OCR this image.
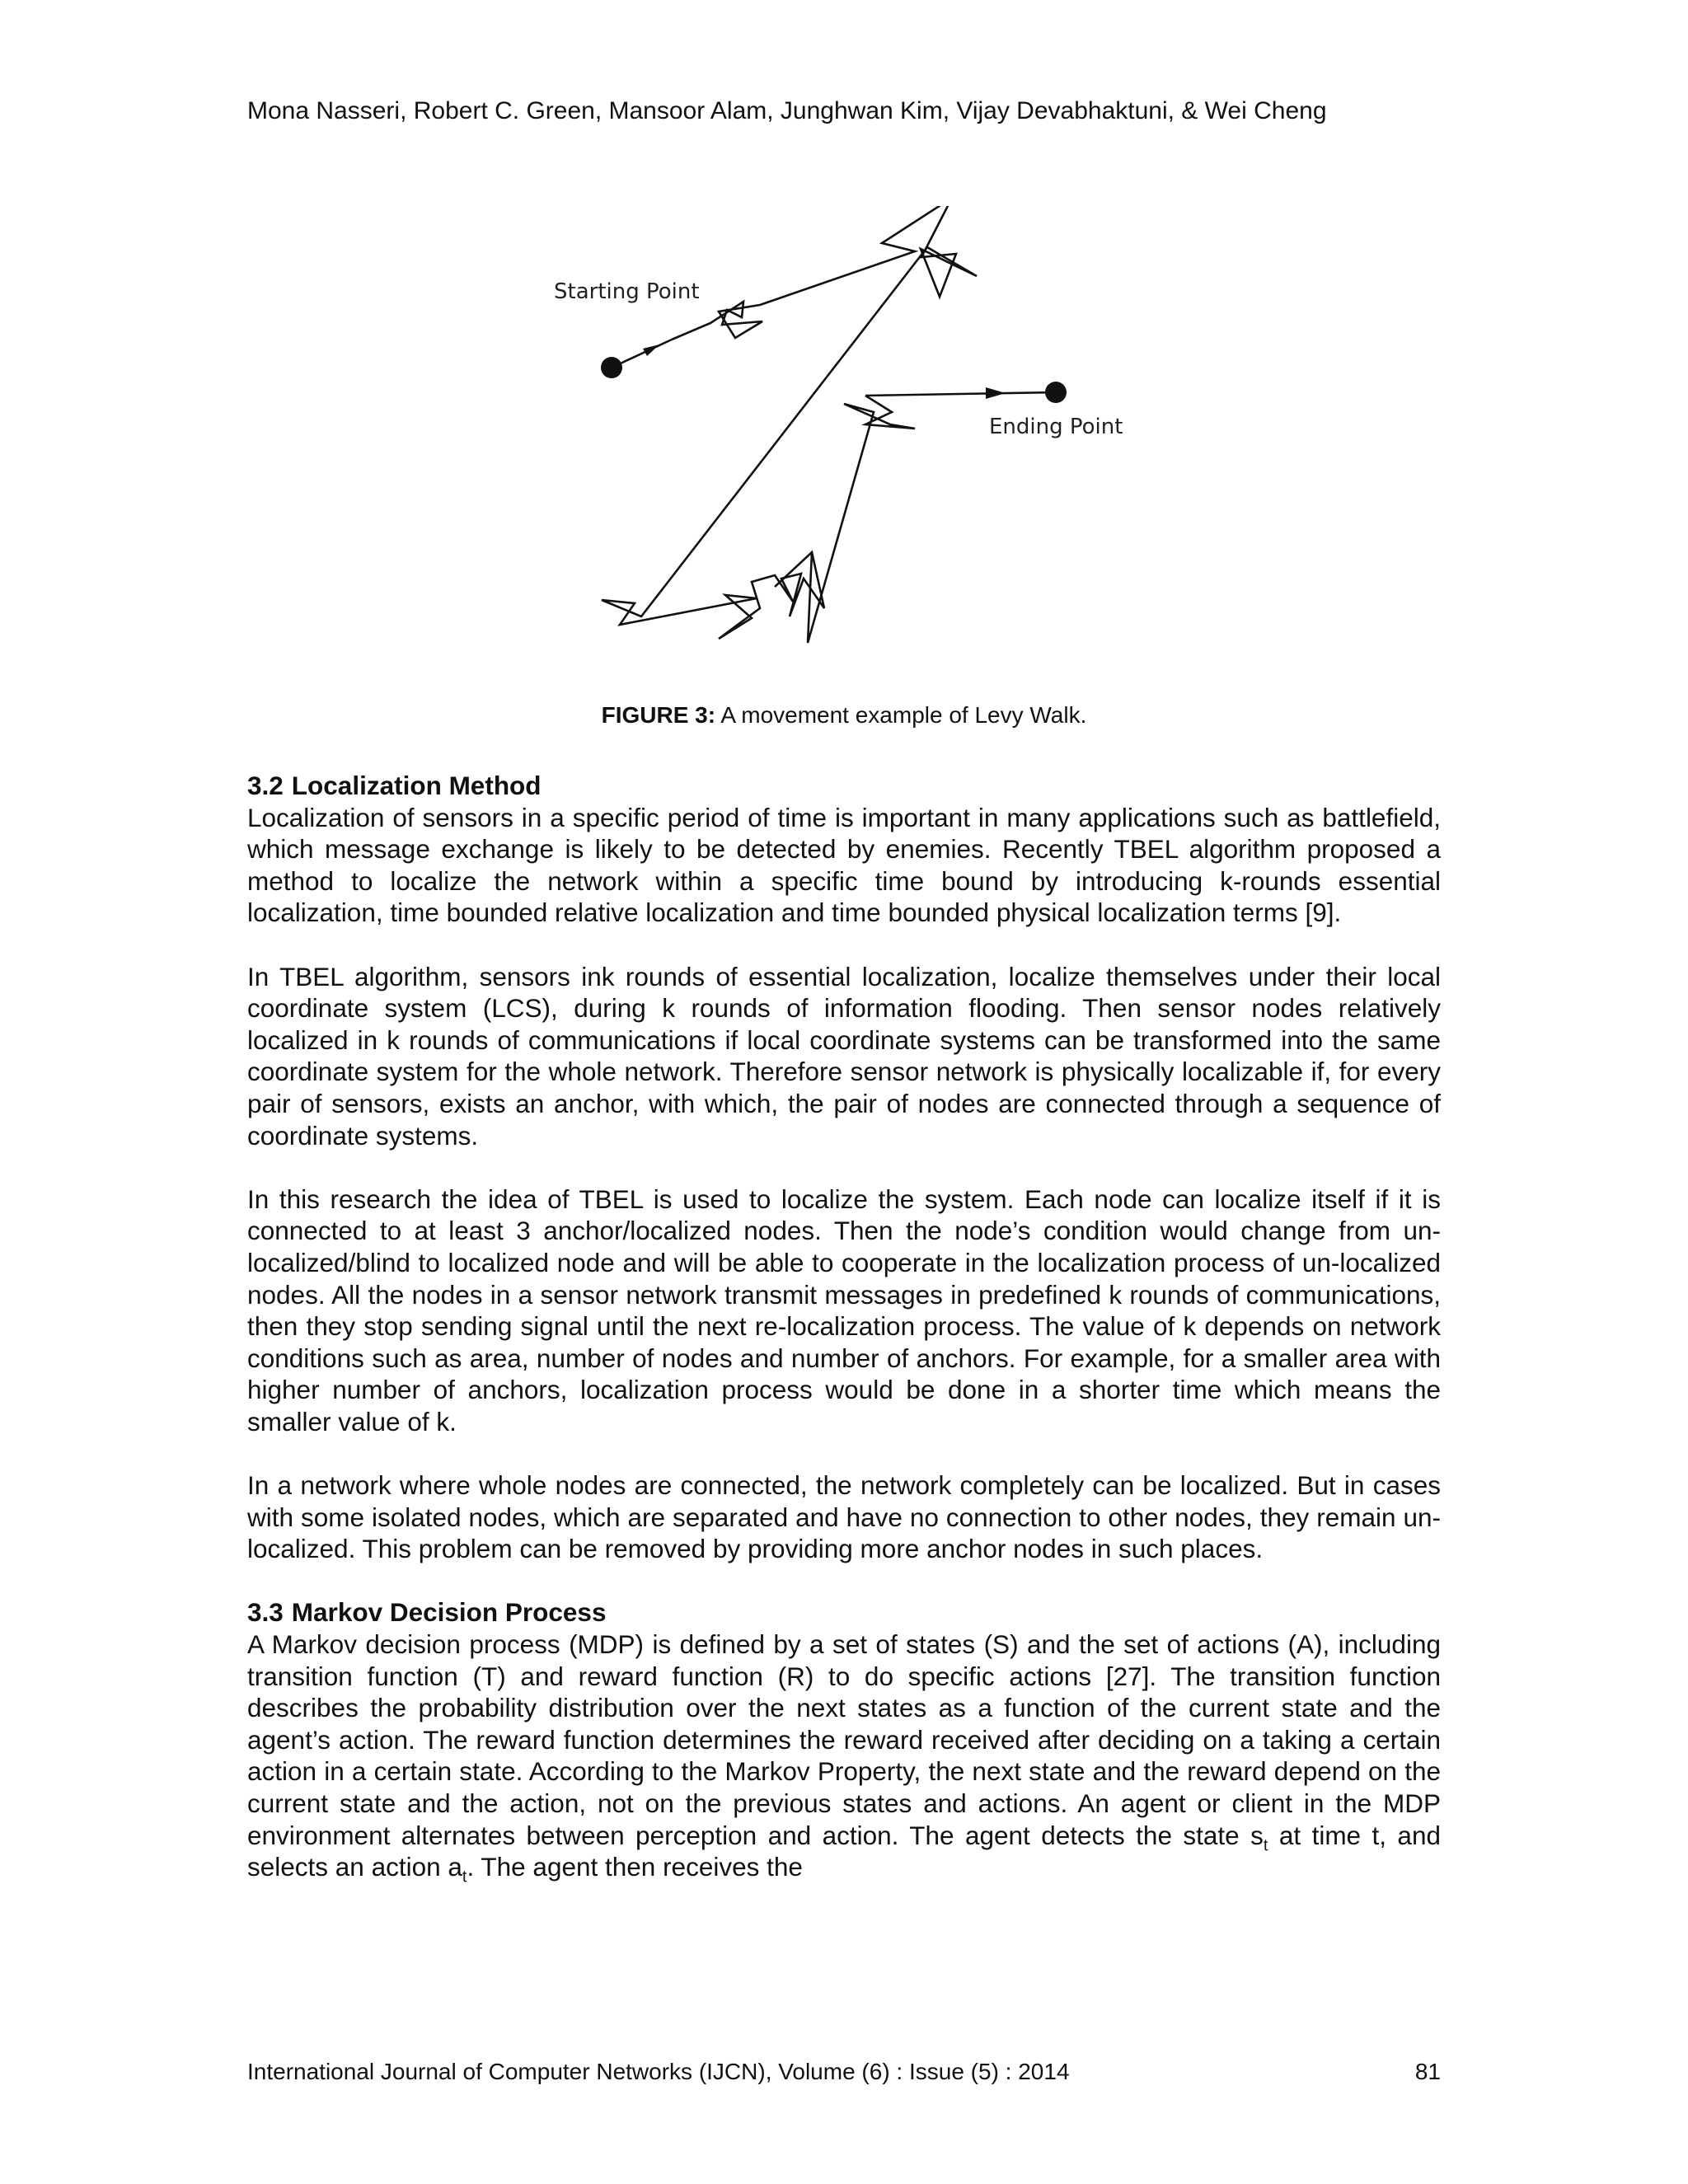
Mona Nasseri, Robert C. Green, Mansoor Alam, Junghwan Kim, Vijay Devabhaktuni, & Wei Cheng
Starting Point
Ending Point
FIGURE 3: A movement example of Levy Walk.
3.2 Localization Method

Localization of sensors in a specific period of time is important in many applications such as battlefield, which message exchange is likely to be detected by enemies. Recently TBEL algorithm proposed a method to localize the network within a specific time bound by introducing k-rounds essential localization, time bounded relative localization and time bounded physical localization terms [9].

In TBEL algorithm, sensors ink rounds of essential localization, localize themselves under their local coordinate system (LCS), during k rounds of information flooding. Then sensor nodes relatively localized in k rounds of communications if local coordinate systems can be transformed into the same coordinate system for the whole network. Therefore sensor network is physically localizable if, for every pair of sensors, exists an anchor, with which, the pair of nodes are connected through a sequence of coordinate systems.

In this research the idea of TBEL is used to localize the system. Each node can localize itself if it is connected to at least 3 anchor/localized nodes. Then the node’s condition would change from un-localized/blind to localized node and will be able to cooperate in the localization process of un-localized nodes. All the nodes in a sensor network transmit messages in predefined k rounds of communications, then they stop sending signal until the next re-localization process. The value of k depends on network conditions such as area, number of nodes and number of anchors. For example, for a smaller area with higher number of anchors, localization process would be done in a shorter time which means the smaller value of k.

In a network where whole nodes are connected, the network completely can be localized. But in cases with some isolated nodes, which are separated and have no connection to other nodes, they remain un-localized. This problem can be removed by providing more anchor nodes in such places.

3.3 Markov Decision Process

A Markov decision process (MDP) is defined by a set of states (S) and the set of actions (A), including transition function (T) and reward function (R) to do specific actions [27]. The transition function describes the probability distribution over the next states as a function of the current state and the agent’s action. The reward function determines the reward received after deciding on a taking a certain action in a certain state. According to the Markov Property, the next state and the reward depend on the current state and the action, not on the previous states and actions. An agent or client in the MDP environment alternates between perception and action. The agent detects the state $s_t$ at time t, and selects an action $a_t$. The agent then receives the

International Journal of Computer Networks (IJCN), Volume (6) : Issue (5) : 2014	81
